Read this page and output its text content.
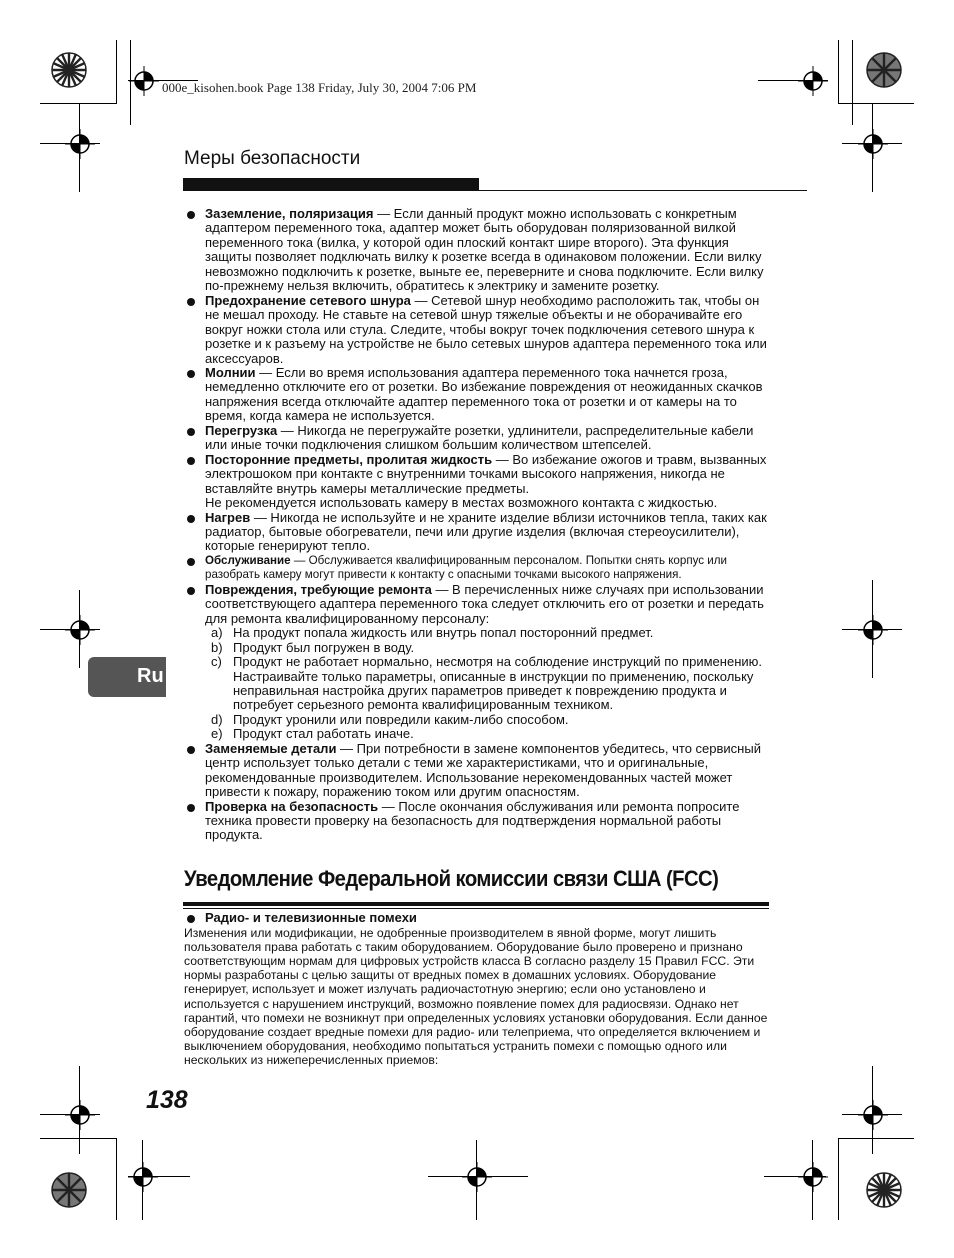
000e_kisohen.book Page 138 Friday, July 30, 2004 7:06 PM
Меры безопасности
Заземление, поляризация — Если данный продукт можно использовать с конкретным адаптером переменного тока, адаптер может быть оборудован поляризованной вилкой переменного тока (вилка, у которой один плоский контакт шире второго). Эта функция защиты позволяет подключать вилку к розетке всегда в одинаковом положении. Если вилку невозможно подключить к розетке, выньте ее, переверните и снова подключите. Если вилку по-прежнему нельзя включить, обратитесь к электрику и замените розетку.
Предохранение сетевого шнура — Сетевой шнур необходимо расположить так, чтобы он не мешал проходу. Не ставьте на сетевой шнур тяжелые объекты и не оборачивайте его вокруг ножки стола или стула. Следите, чтобы вокруг точек подключения сетевого шнура к розетке и к разъему на устройстве не было сетевых шнуров адаптера переменного тока или аксессуаров.
Молнии — Если во время использования адаптера переменного тока начнется гроза, немедленно отключите его от розетки. Во избежание повреждения от неожиданных скачков напряжения всегда отключайте адаптер переменного тока от розетки и от камеры на то время, когда камера не используется.
Перегрузка — Никогда не перегружайте розетки, удлинители, распределительные кабели или иные точки подключения слишком большим количеством штепселей.
Посторонние предметы, пролитая жидкость — Во избежание ожогов и травм, вызванных электрошоком при контакте с внутренними точками высокого напряжения, никогда не вставляйте внутрь камеры металлические предметы.
Не рекомендуется использовать камеру в местах возможного контакта с жидкостью.
Нагрев — Никогда не используйте и не храните изделие вблизи источников тепла, таких как радиатор, бытовые обогреватели, печи или другие изделия (включая стереоусилители), которые генерируют тепло.
Обслуживание — Обслуживается квалифицированным персоналом. Попытки снять корпус или разобрать камеру могут привести к контакту с опасными точками высокого напряжения.
Повреждения, требующие ремонта — В перечисленных ниже случаях при использовании соответствующего адаптера переменного тока следует отключить его от розетки и передать для ремонта квалифицированному персоналу:
a) На продукт попала жидкость или внутрь попал посторонний предмет.
b) Продукт был погружен в воду.
c) Продукт не работает нормально, несмотря на соблюдение инструкций по применению. Настраивайте только параметры, описанные в инструкции по применению, поскольку неправильная настройка других параметров приведет к повреждению продукта и потребует серьезного ремонта квалифицированным техником.
d) Продукт уронили или повредили каким-либо способом.
e) Продукт стал работать иначе.
Заменяемые детали — При потребности в замене компонентов убедитесь, что сервисный центр использует только детали с теми же характеристиками, что и оригинальные, рекомендованные производителем. Использование нерекомендованных частей может привести к пожару, поражению током или другим опасностям.
Проверка на безопасность — После окончания обслуживания или ремонта попросите техника провести проверку на безопасность для подтверждения нормальной работы продукта.
Уведомление Федеральной комиссии связи США (FCC)
Радио- и телевизионные помехи
Изменения или модификации, не одобренные производителем в явной форме, могут лишить пользователя права работать с таким оборудованием. Оборудование было проверено и признано соответствующим нормам для цифровых устройств класса B согласно разделу 15 Правил FCC. Эти нормы разработаны с целью защиты от вредных помех в домашних условиях. Оборудование генерирует, использует и может излучать радиочастотную энергию; если оно установлено и используется с нарушением инструкций, возможно появление помех для радиосвязи. Однако нет гарантий, что помехи не возникнут при определенных условиях установки оборудования. Если данное оборудование создает вредные помехи для радио- или телеприема, что определяется включением и выключением оборудования, необходимо попытаться устранить помехи с помощью одного или нескольких из нижеперечисленных приемов:
Ru
138
